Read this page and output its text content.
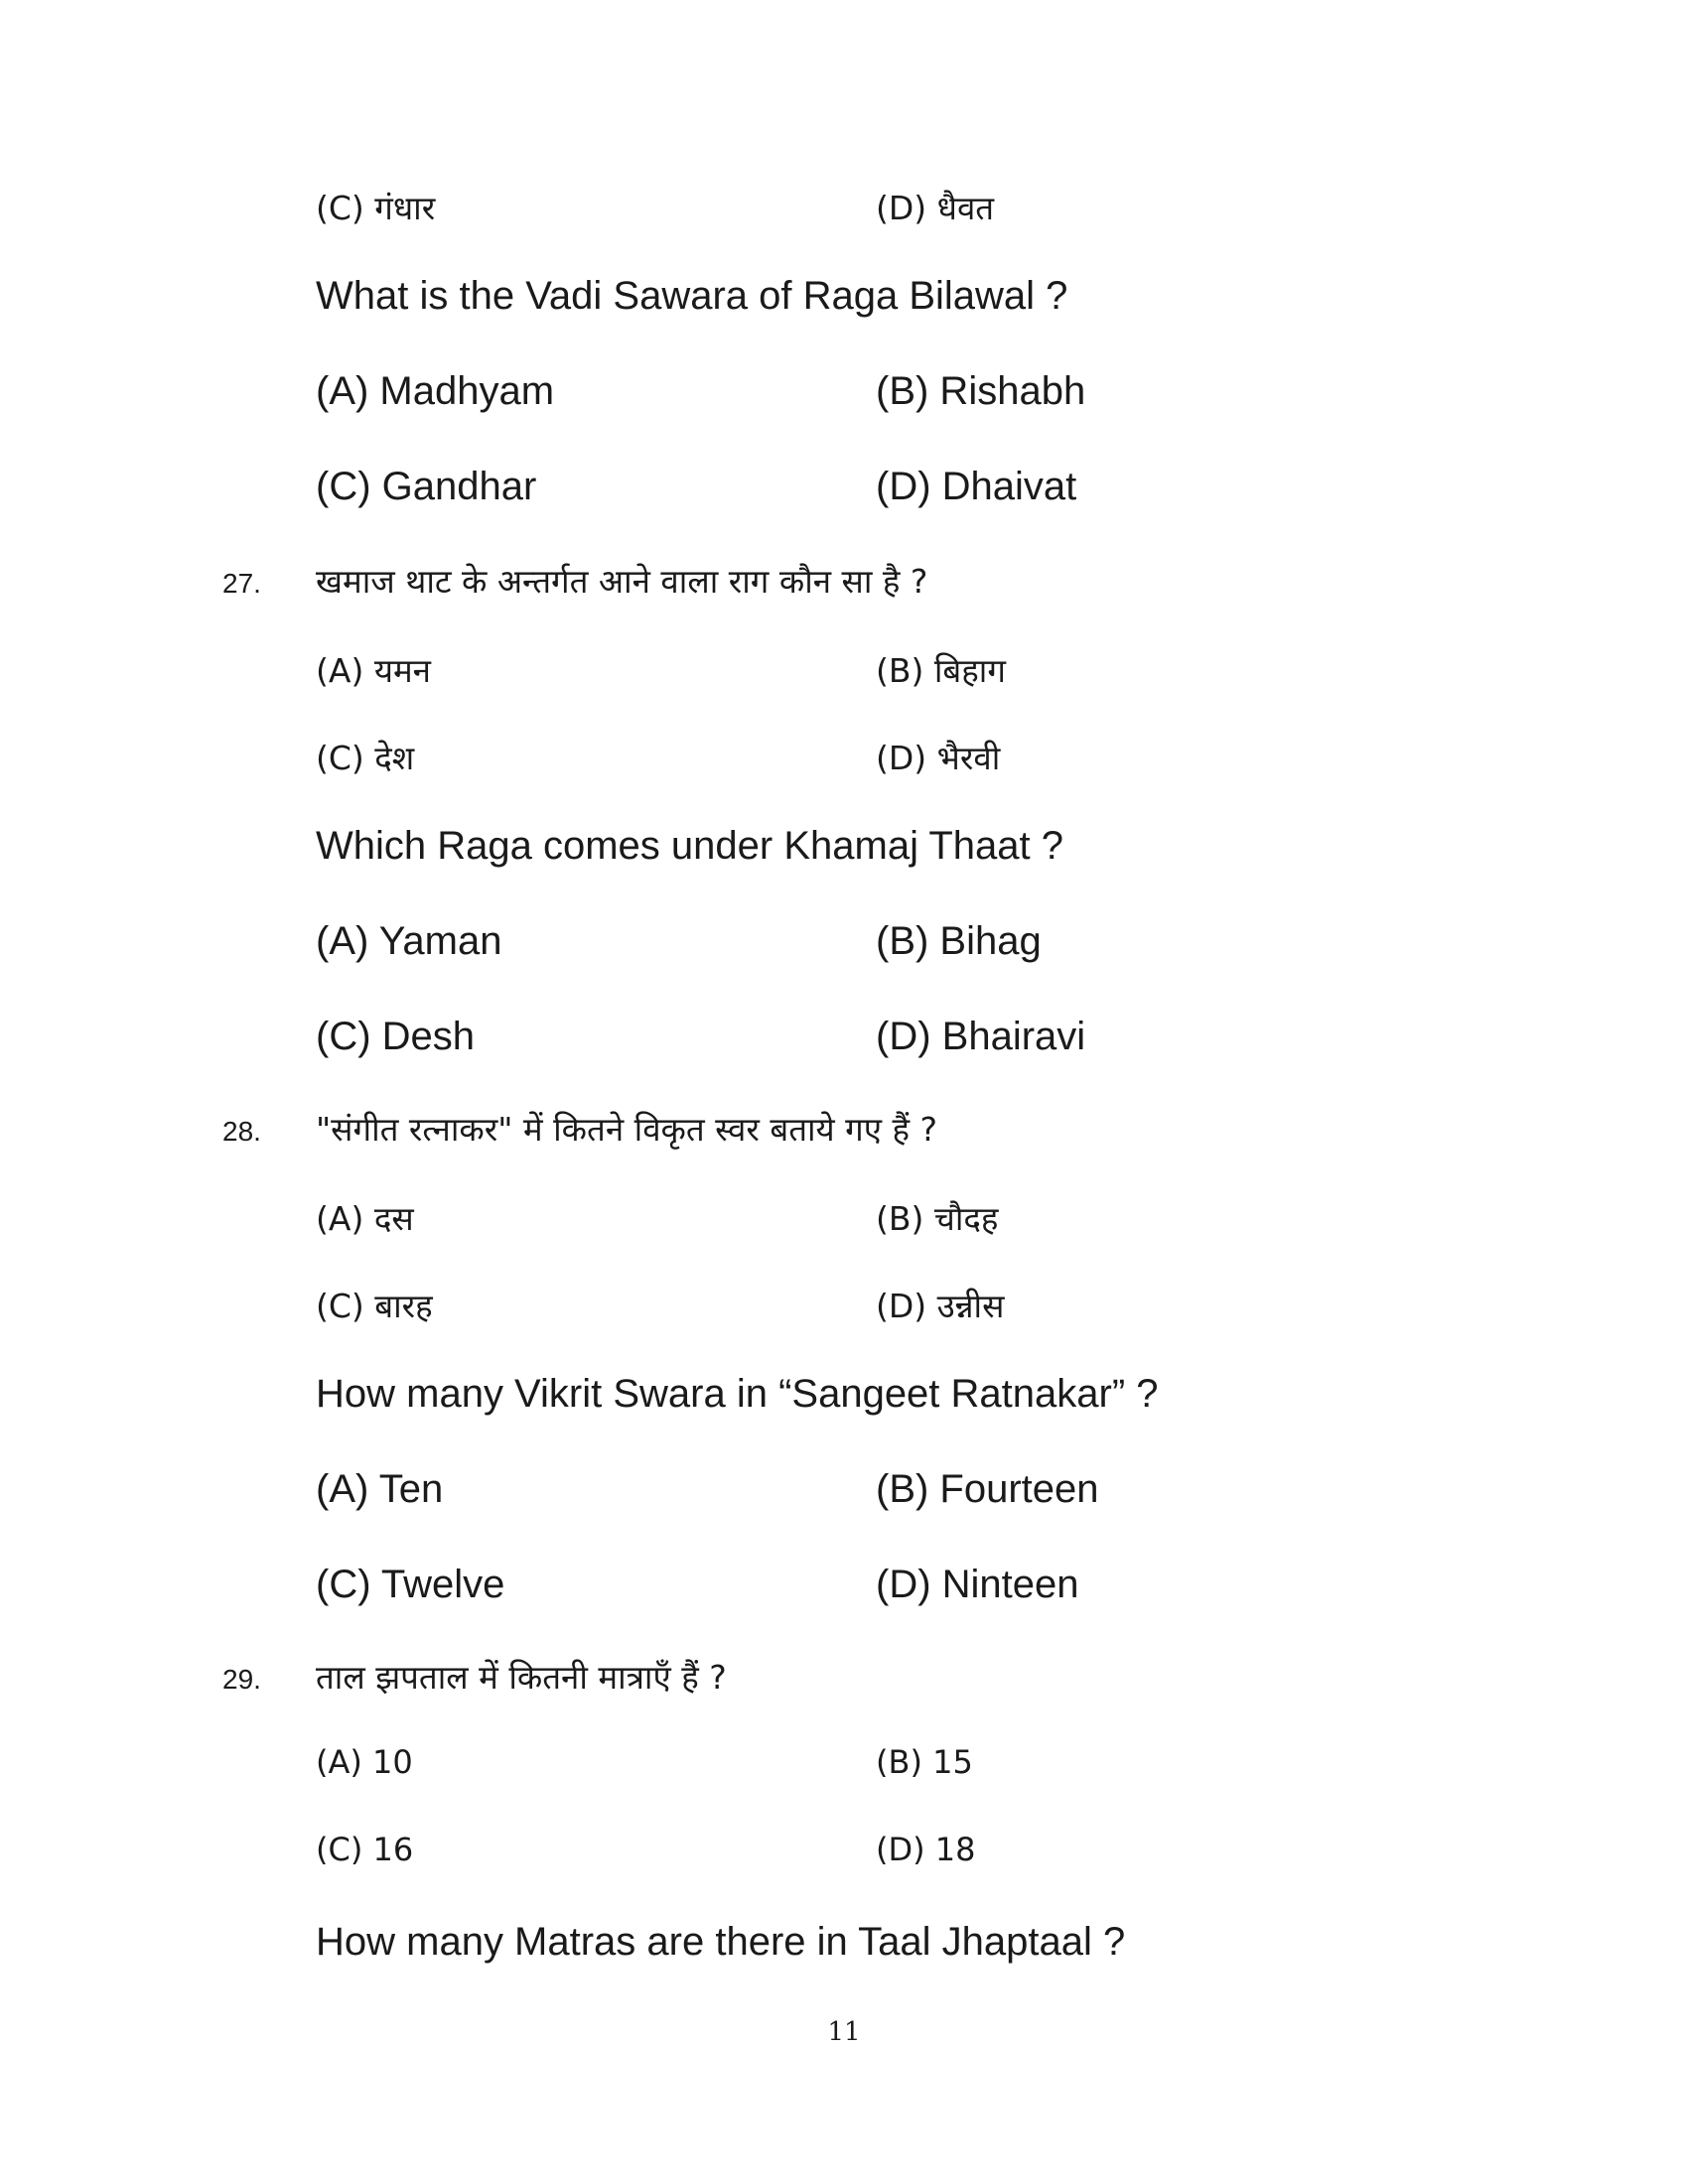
(C) गंधार	(D) धैवत
What is the Vadi Sawara of Raga Bilawal ?
(A) Madhyam	(B) Rishabh
(C) Gandhar	(D) Dhaivat
27. खमाज थाट के अन्तर्गत आने वाला राग कौन सा है ?
(A) यमन	(B) बिहाग
(C) देश	(D) भैरवी
Which Raga comes under Khamaj Thaat ?
(A) Yaman	(B) Bihag
(C) Desh	(D) Bhairavi
28. "संगीत रत्नाकर" में कितने विकृत स्वर बताये गए हैं ?
(A) दस	(B) चौदह
(C) बारह	(D) उन्नीस
How many Vikrit Swara in “Sangeet Ratnakar” ?
(A) Ten	(B) Fourteen
(C) Twelve	(D) Ninteen
29. ताल झपताल में कितनी मात्राएँ हैं ?
(A) 10	(B) 15
(C) 16	(D) 18
How many Matras are there in Taal Jhaptaal ?
11
